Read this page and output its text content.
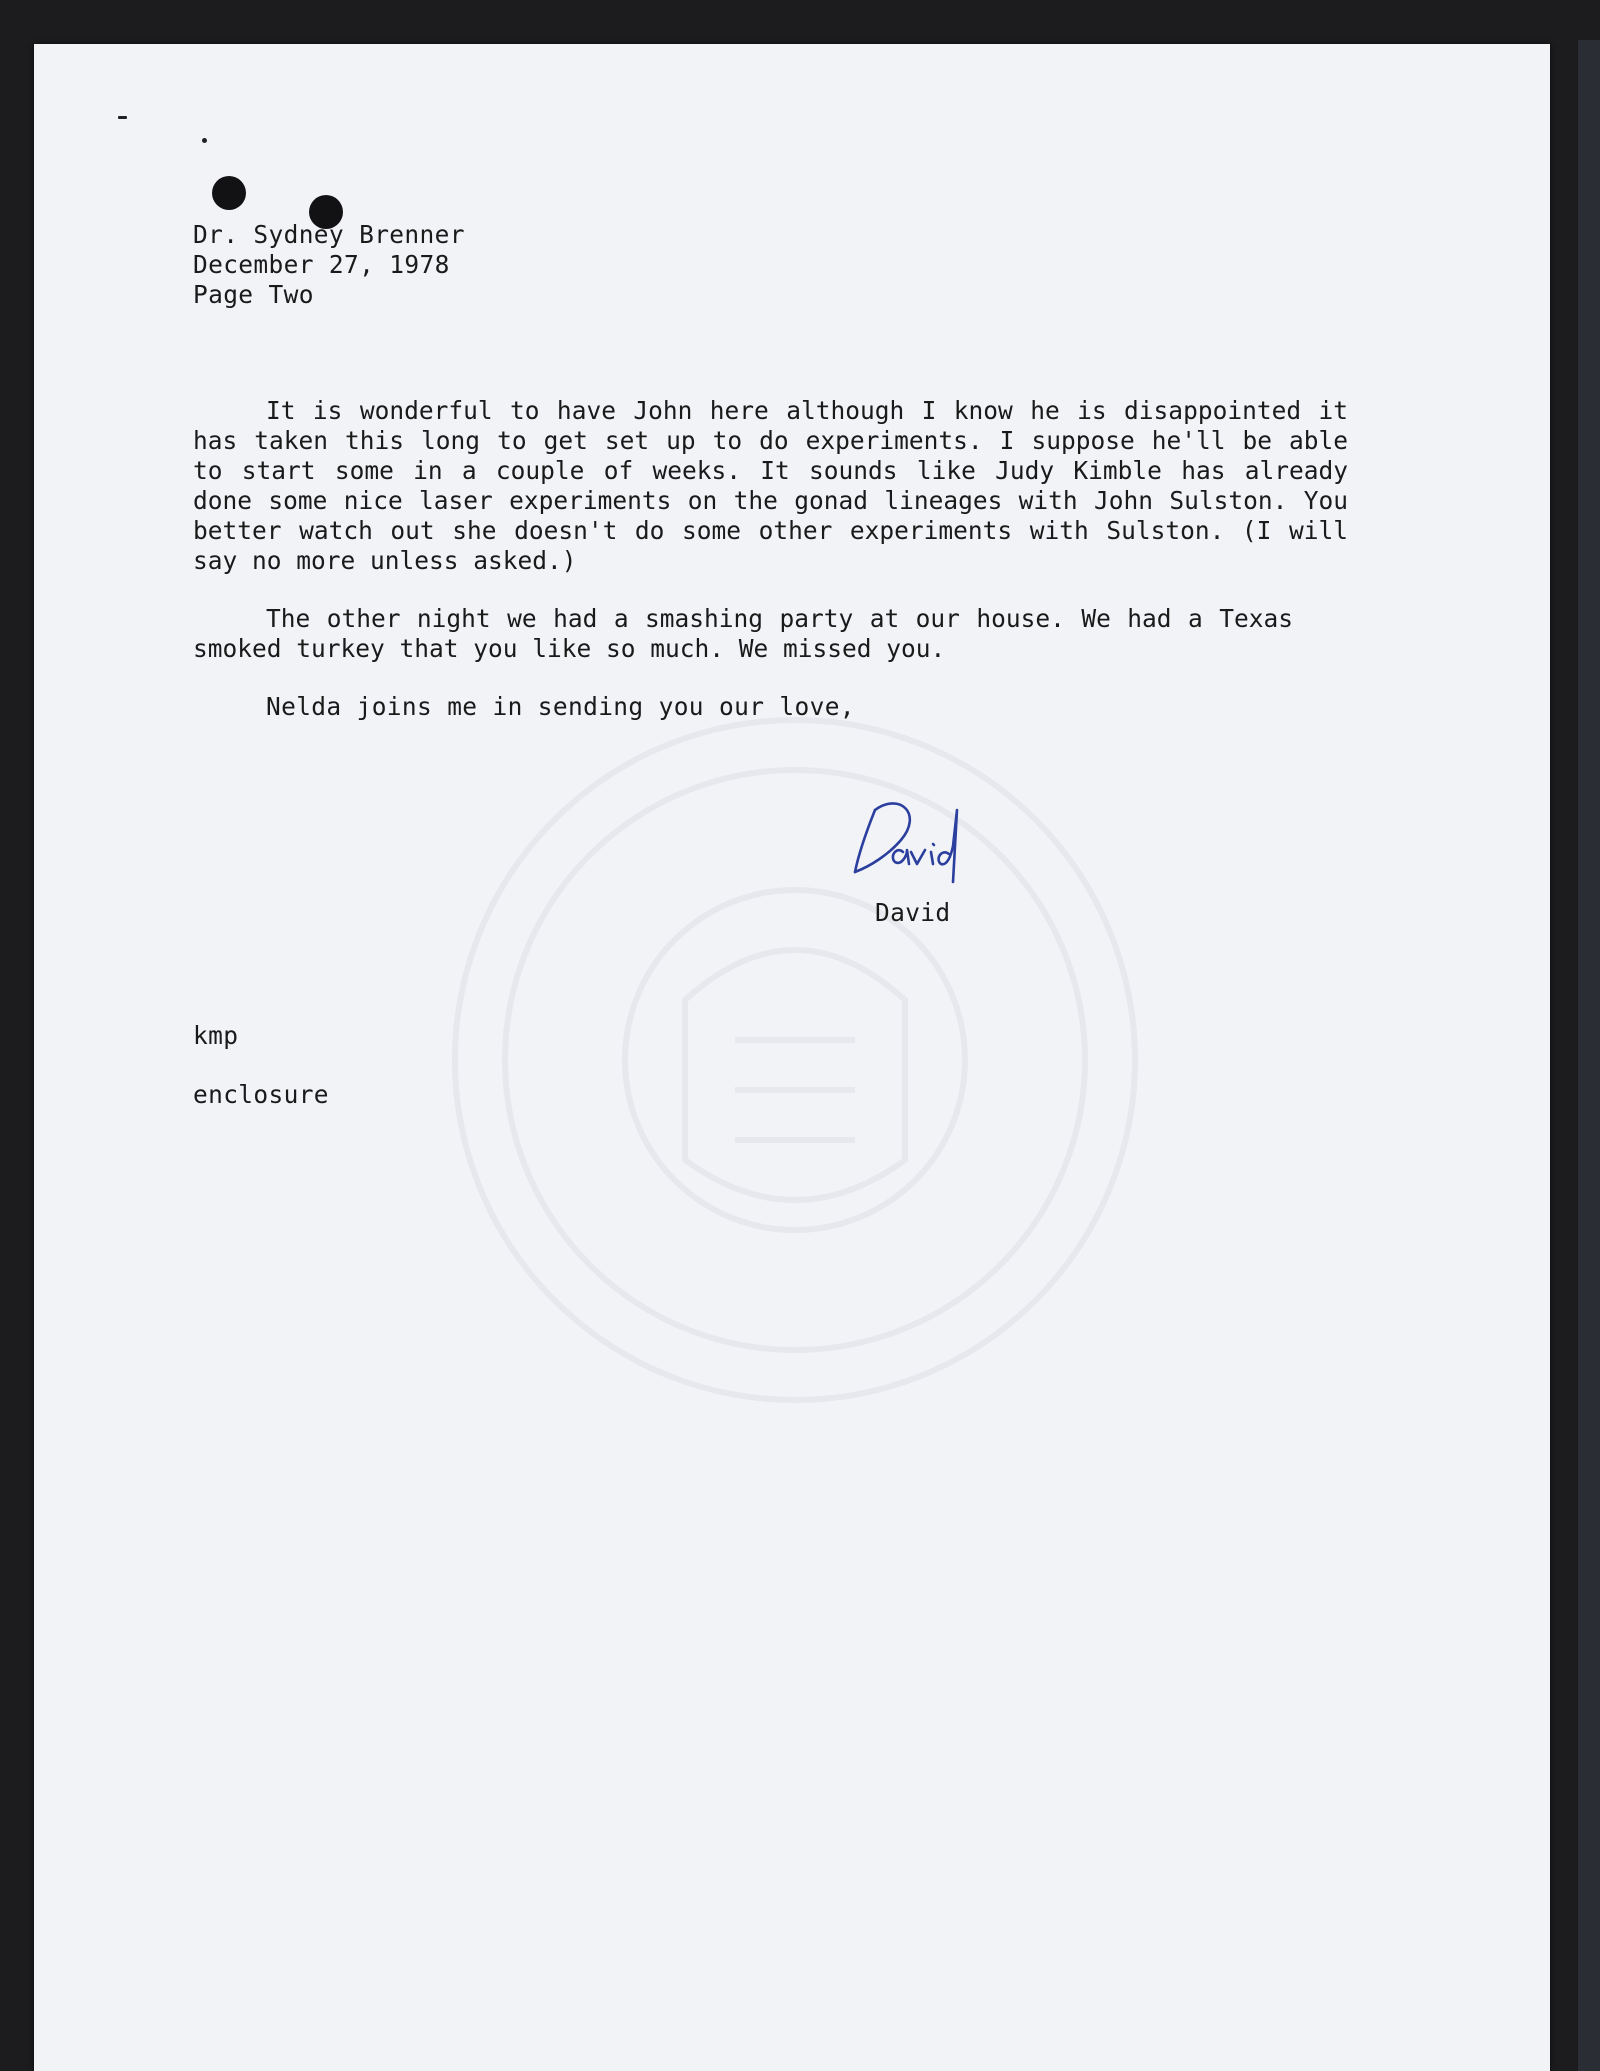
Dr. Sydney Brenner
December 27, 1978
Page Two
It is wonderful to have John here although I know he is disappointed it
has taken this long to get set up to do experiments. I suppose he'll be able
to start some in a couple of weeks. It sounds like Judy Kimble has already
done some nice laser experiments on the gonad lineages with John Sulston. You
better watch out she doesn't do some other experiments with Sulston. (I will
say no more unless asked.)
The other night we had a smashing party at our house. We had a Texas
smoked turkey that you like so much. We missed you.
Nelda joins me in sending you our love,
David
kmp
enclosure
